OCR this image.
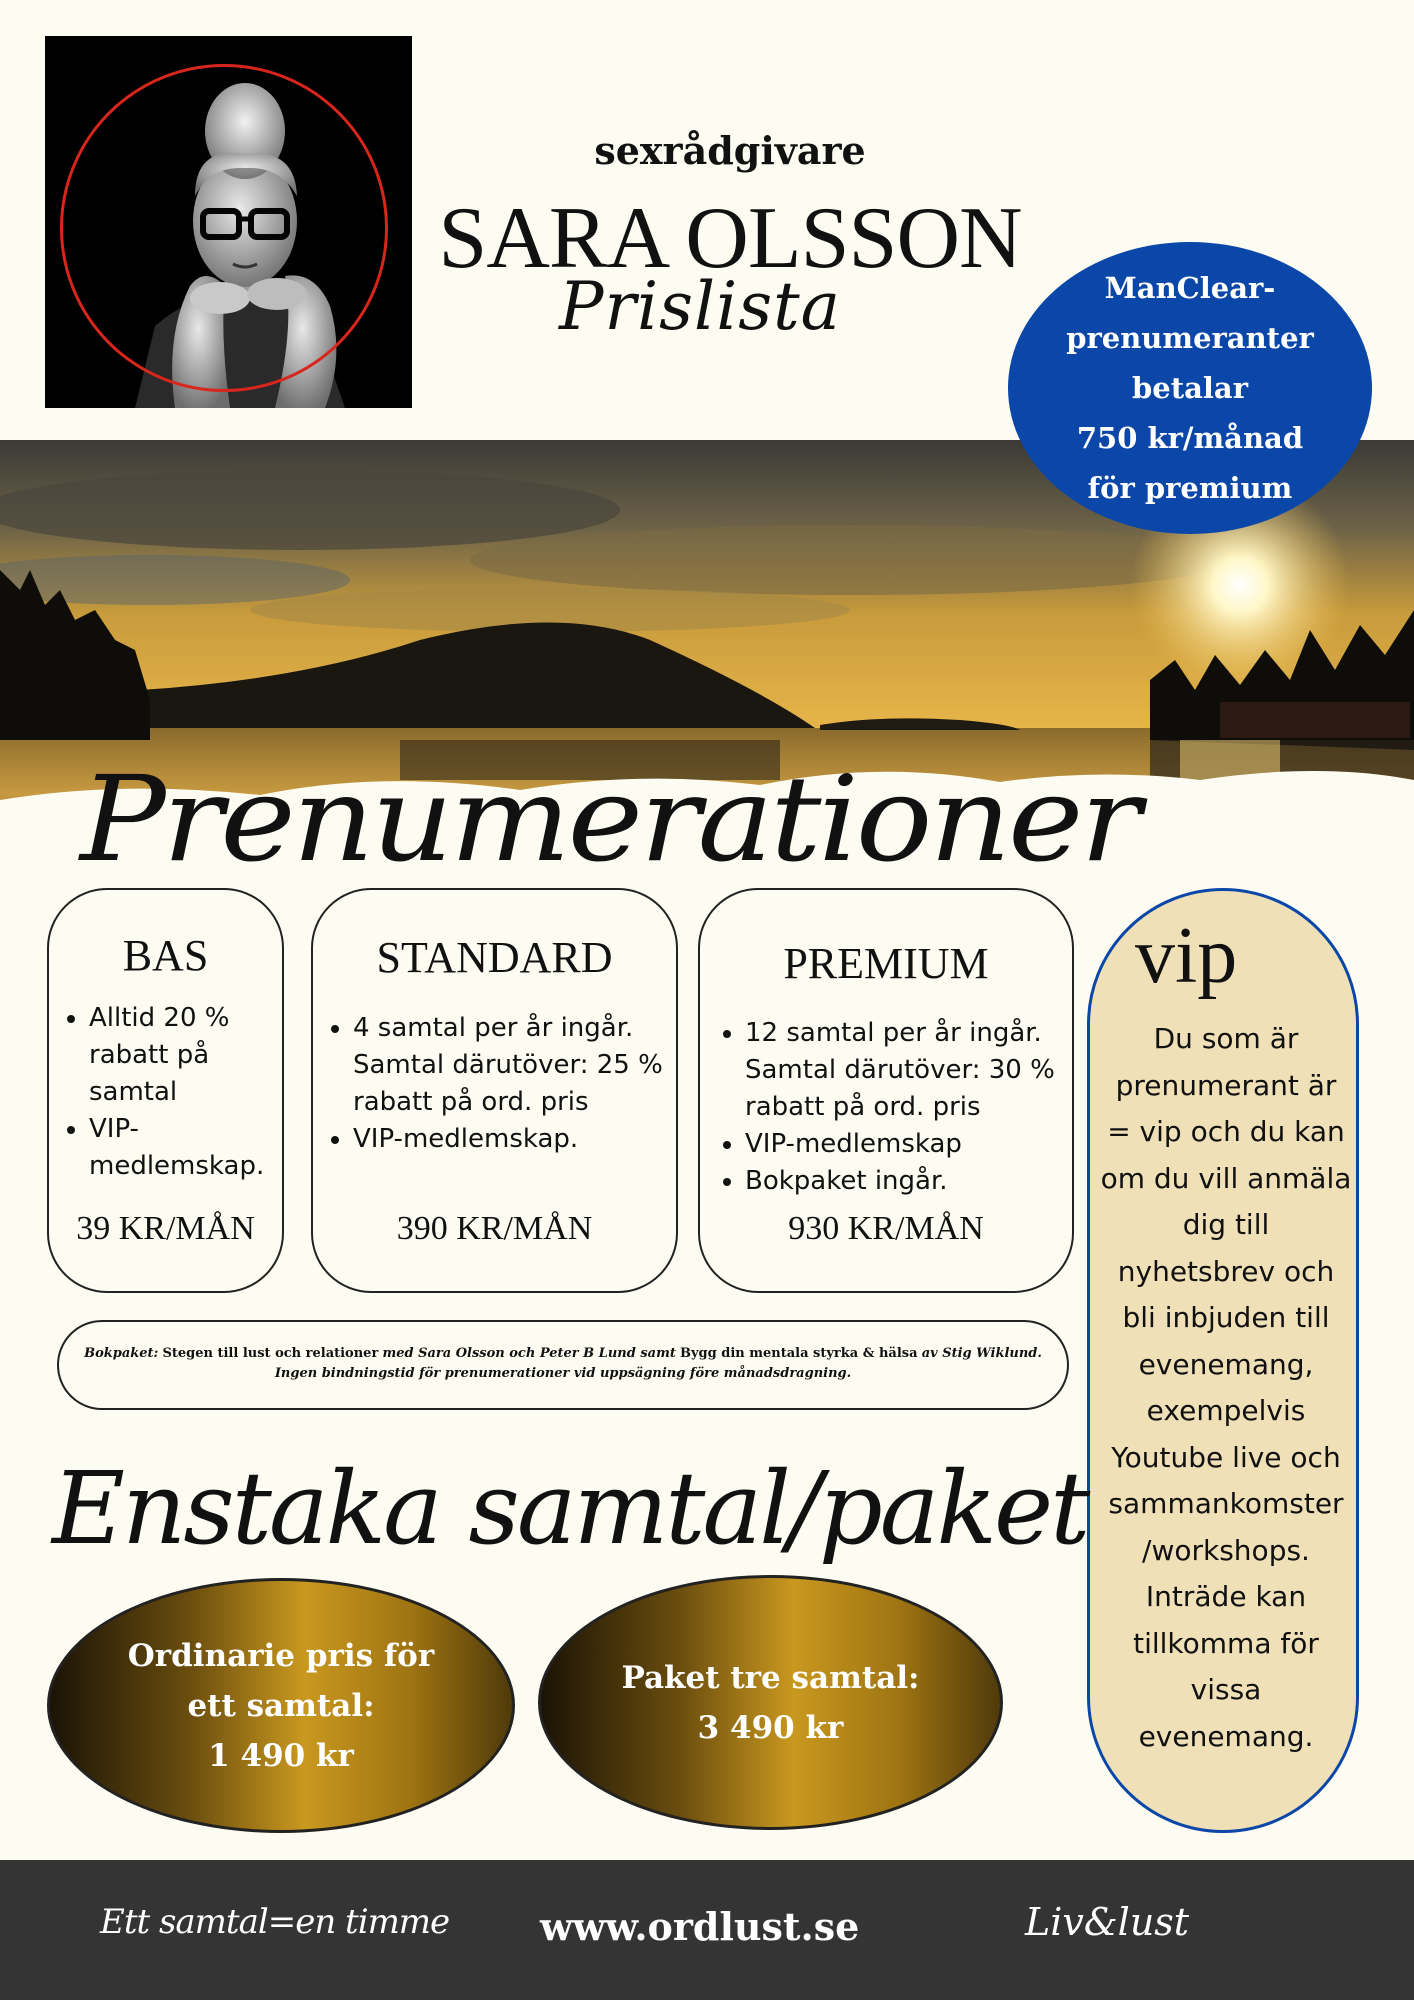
sexrådgivare
SARA OLSSON
Prislista	ManClear-
prenumeranter
betalar
750 kr/månad
för premium
Prenumerationer
BAS
• Alltid 20 % rabatt på samtal
• VIP-medlemskap.
39 KR/MÅN
STANDARD
• 4 samtal per år ingår. Samtal därutöver: 25 % rabatt på ord. pris
• VIP-medlemskap.
390 KR/MÅN
PREMIUM
• 12 samtal per år ingår. Samtal därutöver: 30 % rabatt på ord. pris
• VIP-medlemskap
• Bokpaket ingår.
930 KR/MÅN
vip
Du som är prenumerant är = vip och du kan om du vill anmäla dig till nyhetsbrev och bli inbjuden till evenemang, exempelvis Youtube live och sammankomster /workshops. Inträde kan tillkomma för vissa evenemang.
Bokpaket: Stegen till lust och relationer med Sara Olsson och Peter B Lund samt Bygg din mentala styrka & hälsa av Stig Wiklund.
Ingen bindningstid för prenumerationer vid uppsägning före månadsdragning.
Enstaka samtal/paket
Ordinarie pris för ett samtal:
1 490 kr
Paket tre samtal:
3 490 kr
Ett samtal=en timme www.ordlust.se	Liv&lust
